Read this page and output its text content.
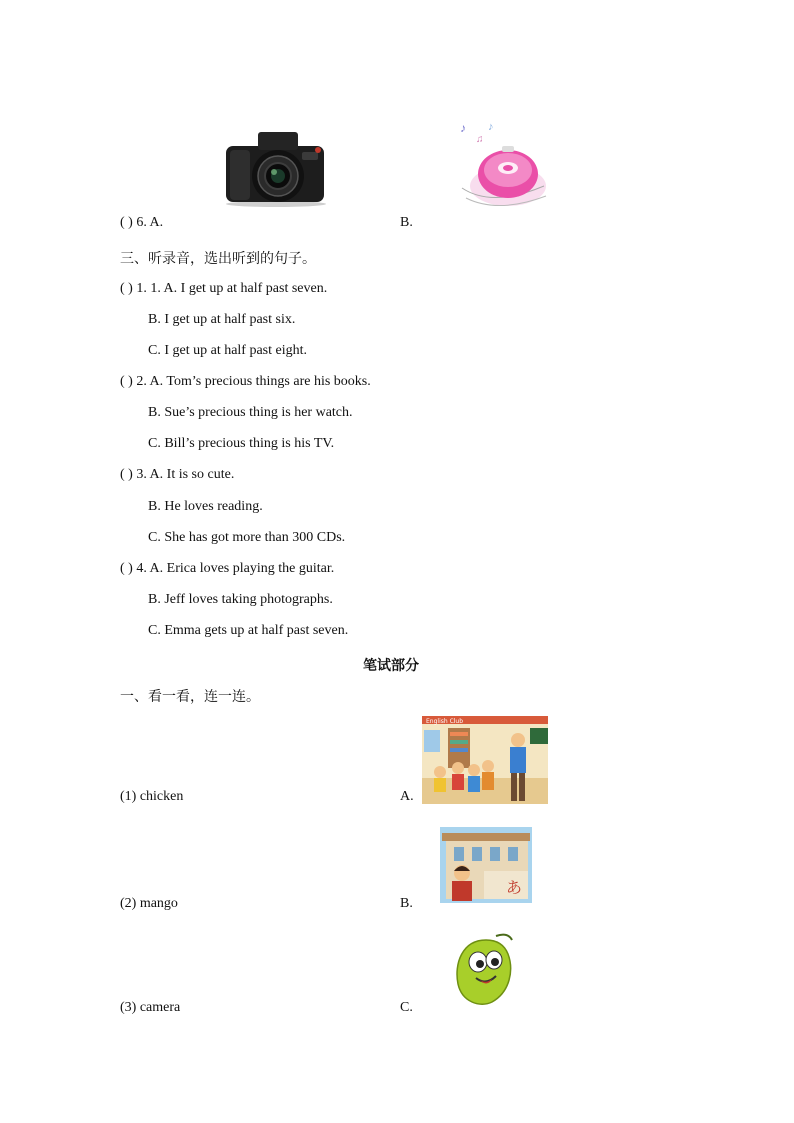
♪
♫
♪
( ) 6. A.	B.
三、听录音，选出听到的句子。
( ) 1. 1. A. I get up at half past seven.
B. I get up at half past six.
C. I get up at half past eight.
( ) 2. A. Tom’s precious things are his books.
B. Sue’s precious thing is her watch.
C. Bill’s precious thing is his TV.
( ) 3. A. It is so cute.
B. He loves reading.
C. She has got more than 300 CDs.
( ) 4. A. Erica loves playing the guitar.
B. Jeff loves taking photographs.
C. Emma gets up at half past seven.
笔试部分
一、看一看，连一连。
English Club
(1) chicken	A.
あ
(2) mango	B.
(3) camera	C.
